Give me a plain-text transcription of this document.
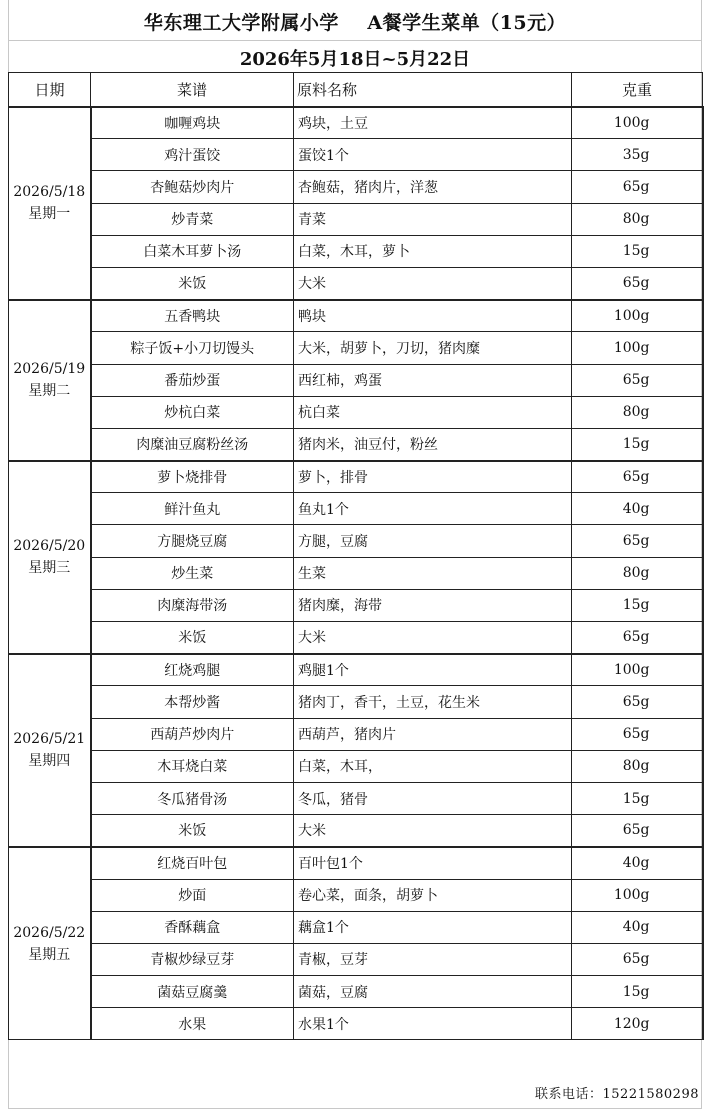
华东理工大学附属小学    A餐学生菜单（15元）
2026年5月18日~5月22日
日期	菜谱	原料名称	克重

2026/5/18
星期一	咖喱鸡块	鸡块，土豆	100g
	鸡汁蛋饺	蛋饺1个	35g
	杏鲍菇炒肉片	杏鲍菇，猪肉片，洋葱	65g
	炒青菜	青菜	80g
	白菜木耳萝卜汤	白菜，木耳，萝卜	15g
	米饭	大米	65g

2026/5/19
星期二	五香鸭块	鸭块	100g
	粽子饭+小刀切馒头	大米，胡萝卜，刀切，猪肉糜	100g
	番茄炒蛋	西红柿，鸡蛋	65g
	炒杭白菜	杭白菜	80g
	肉糜油豆腐粉丝汤	猪肉米，油豆付，粉丝	15g

2026/5/20
星期三	萝卜烧排骨	萝卜，排骨	65g
	鲜汁鱼丸	鱼丸1个	40g
	方腿烧豆腐	方腿，豆腐	65g
	炒生菜	生菜	80g
	肉糜海带汤	猪肉糜，海带	15g
	米饭	大米	65g

2026/5/21
星期四	红烧鸡腿	鸡腿1个	100g
	本帮炒酱	猪肉丁，香干，土豆，花生米	65g
	西葫芦炒肉片	西葫芦，猪肉片	65g
	木耳烧白菜	白菜，木耳，	80g
	冬瓜猪骨汤	冬瓜，猪骨	15g
	米饭	大米	65g

2026/5/22
星期五	红烧百叶包	百叶包1个	40g
	炒面	卷心菜，面条，胡萝卜	100g
	香酥藕盒	藕盒1个	40g
	青椒炒绿豆芽	青椒，豆芽	65g
	菌菇豆腐羹	菌菇，豆腐	15g
	水果	水果1个	120g
联系电话：15221580298
